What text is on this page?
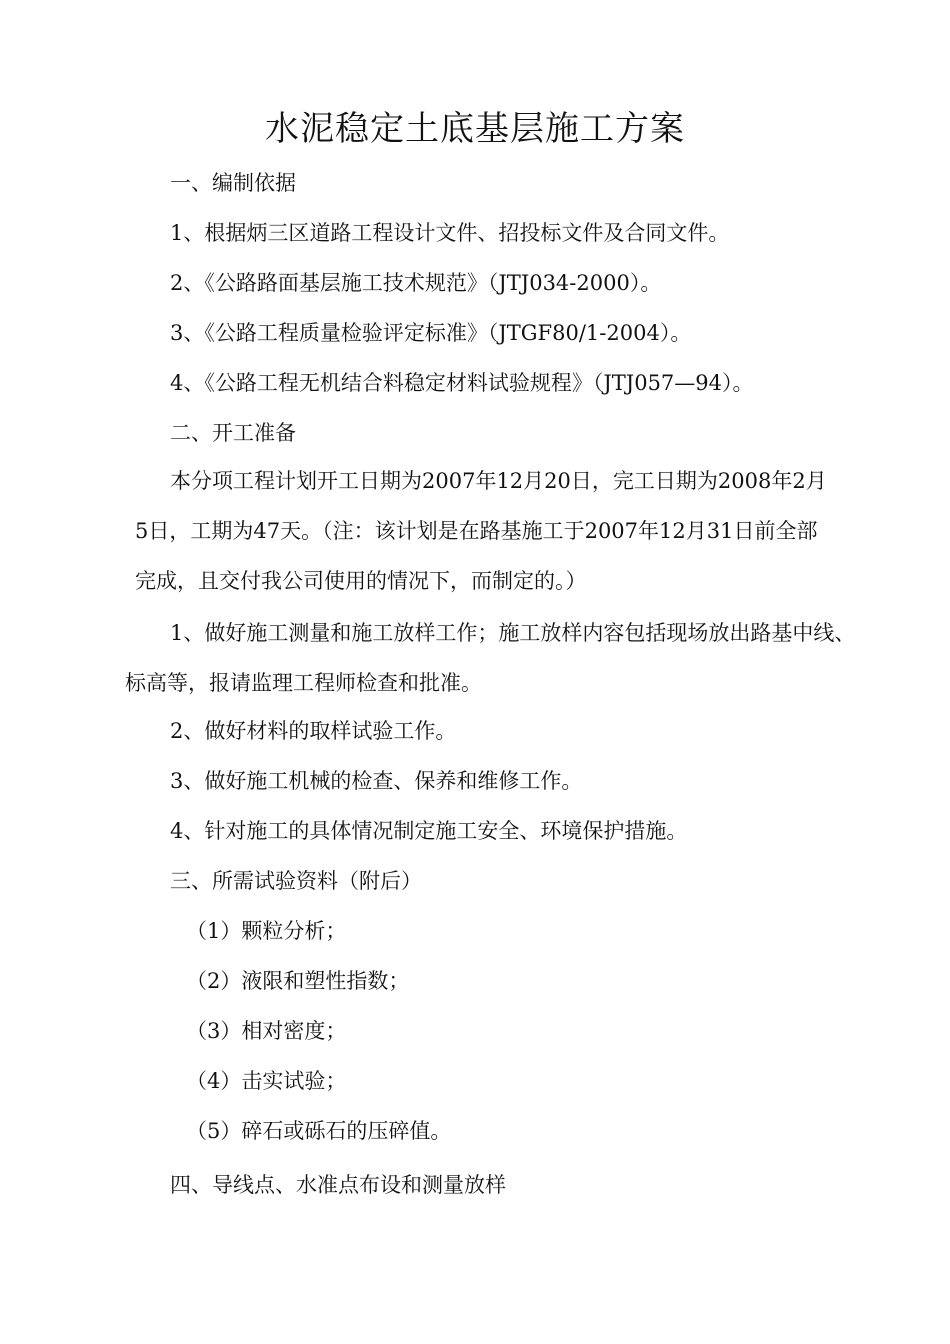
水泥稳定土底基层施工方案
一、编制依据
1、根据炳三区道路工程设计文件、招投标文件及合同文件。
2、《公路路面基层施工技术规范》（JTJ034-2000）。
3、《公路工程质量检验评定标准》（JTGF80/1-2004）。
4、《公路工程无机结合料稳定材料试验规程》（JTJ057—94）。
二、开工准备
本分项工程计划开工日期为2007年12月20日，完工日期为2008年2月
5日，工期为47天。（注：该计划是在路基施工于2007年12月31日前全部
完成，且交付我公司使用的情况下，而制定的。）
1、做好施工测量和施工放样工作；施工放样内容包括现场放出路基中线、
标高等，报请监理工程师检查和批准。
2、做好材料的取样试验工作。
3、做好施工机械的检查、保养和维修工作。
4、针对施工的具体情况制定施工安全、环境保护措施。
三、所需试验资料（附后）
（1）颗粒分析；
（2）液限和塑性指数；
（3）相对密度；
（4）击实试验；
（5）碎石或砾石的压碎值。
四、导线点、水准点布设和测量放样
